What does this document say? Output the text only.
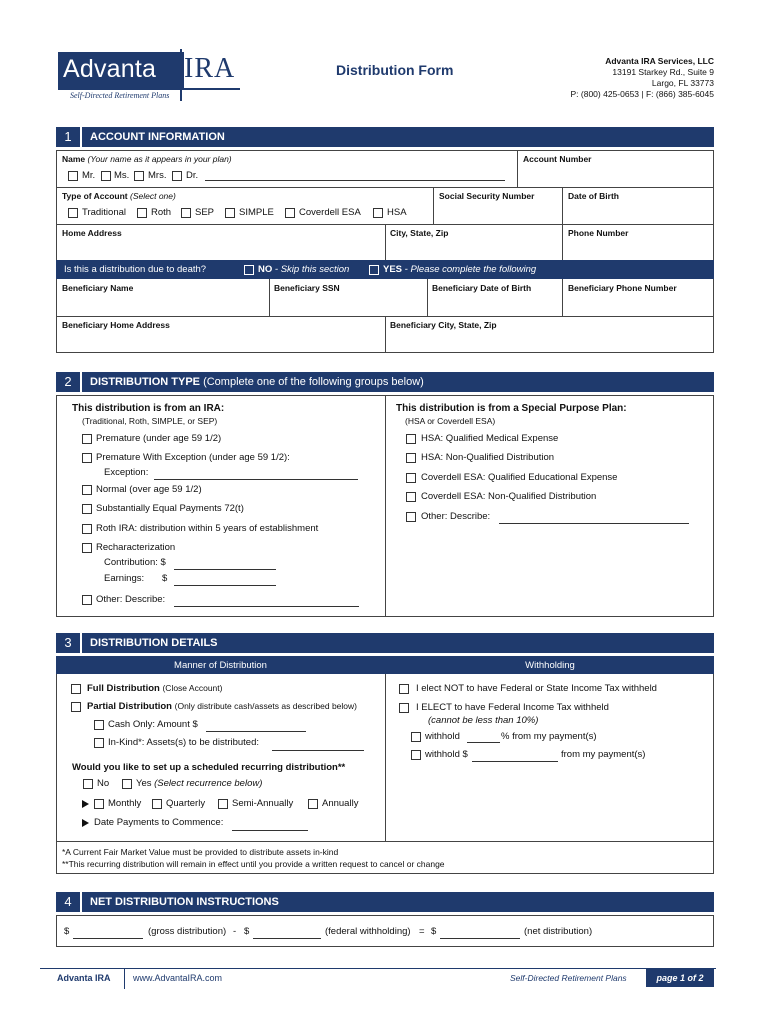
Advanta IRA
Self-Directed Retirement Plans
Distribution Form
Advanta IRA Services, LLC
13191 Starkey Rd., Suite 9
Largo, FL 33773
P: (800) 425-0653 | F: (866) 385-6045
1	ACCOUNT INFORMATION
Name (Your name as it appears in your plan)	Account Number
Mr. Ms. Mrs. Dr.
Type of Account (Select one)	Social Security Number	Date of Birth
Traditional	Roth	SEP	SIMPLE	Coverdell ESA	HSA
Home Address	City, State, Zip	Phone Number
Is this a distribution due to death?	NO - Skip this section	YES - Please complete the following
Beneficiary Name	Beneficiary SSN	Beneficiary Date of Birth	Beneficiary Phone Number
Beneficiary Home Address	Beneficiary City, State, Zip
2	DISTRIBUTION TYPE (Complete one of the following groups below)
This distribution is from an IRA:
(Traditional, Roth, SIMPLE, or SEP)
Premature (under age 59 1/2)
Premature With Exception (under age 59 1/2):
Exception:
Normal (over age 59 1/2)
Substantially Equal Payments 72(t)
Roth IRA: distribution within 5 years of establishment
Recharacterization
Contribution: $
Earnings: $
Other: Describe:
This distribution is from a Special Purpose Plan:
(HSA or Coverdell ESA)
HSA: Qualified Medical Expense
HSA: Non-Qualified Distribution
Coverdell ESA: Qualified Educational Expense
Coverdell ESA: Non-Qualified Distribution
Other: Describe:
3	DISTRIBUTION DETAILS
Manner of Distribution	Withholding
Full Distribution (Close Account)
Partial Distribution (Only distribute cash/assets as described below)
Cash Only: Amount $
In-Kind*: Assets(s) to be distributed:
Would you like to set up a scheduled recurring distribution**
No	Yes (Select recurrence below)
Monthly	Quarterly	Semi-Annually	Annually
Date Payments to Commence:
I elect NOT to have Federal or State Income Tax withheld
I ELECT to have Federal Income Tax withheld
(cannot be less than 10%)
withhold	% from my payment(s)
withhold $	from my payment(s)
*A Current Fair Market Value must be provided to distribute assets in-kind
**This recurring distribution will remain in effect until you provide a written request to cancel or change
4	NET DISTRIBUTION INSTRUCTIONS
$	(gross distribution) - $	(federal withholding) = $	(net distribution)
Advanta IRA www.AdvantaIRA.com	Self-Directed Retirement Plans	page 1 of 2
